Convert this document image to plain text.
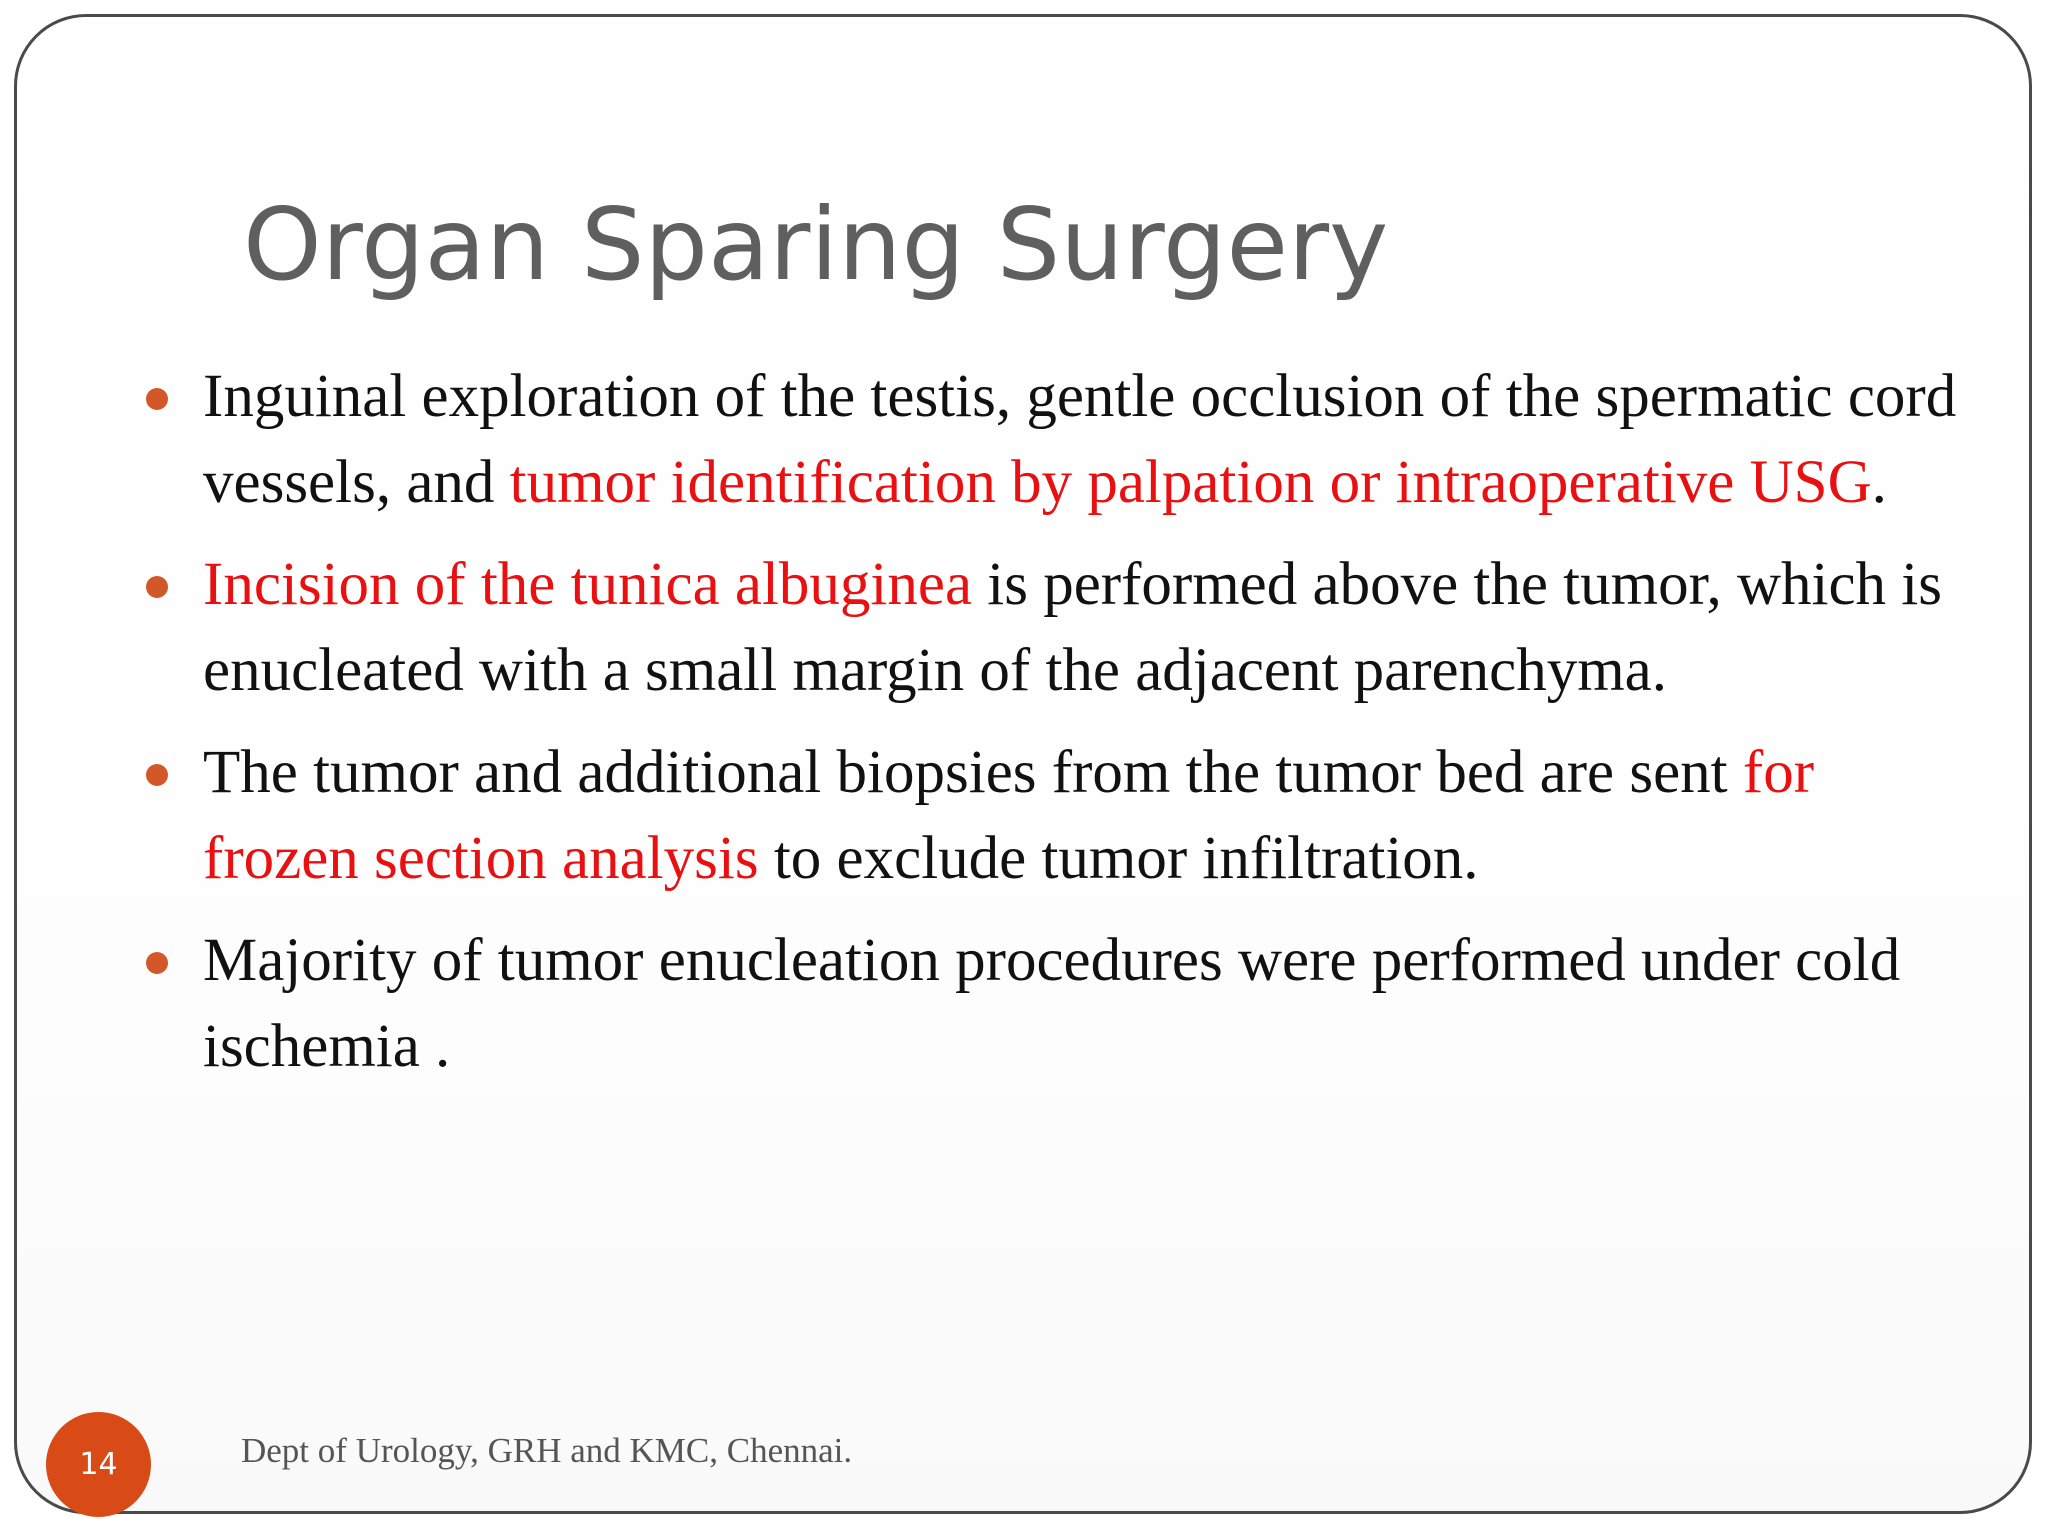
Organ Sparing Surgery
Inguinal exploration of the testis, gentle occlusion of the spermatic cord vessels, and tumor identification by palpation or intraoperative USG.
Incision of the tunica albuginea is performed above the tumor, which is enucleated with a small margin of the adjacent parenchyma.
The tumor and additional biopsies from the tumor bed are sent for frozen section analysis to exclude tumor infiltration.
Majority of tumor enucleation procedures were performed under cold ischemia .
14	Dept of Urology, GRH and KMC, Chennai.
